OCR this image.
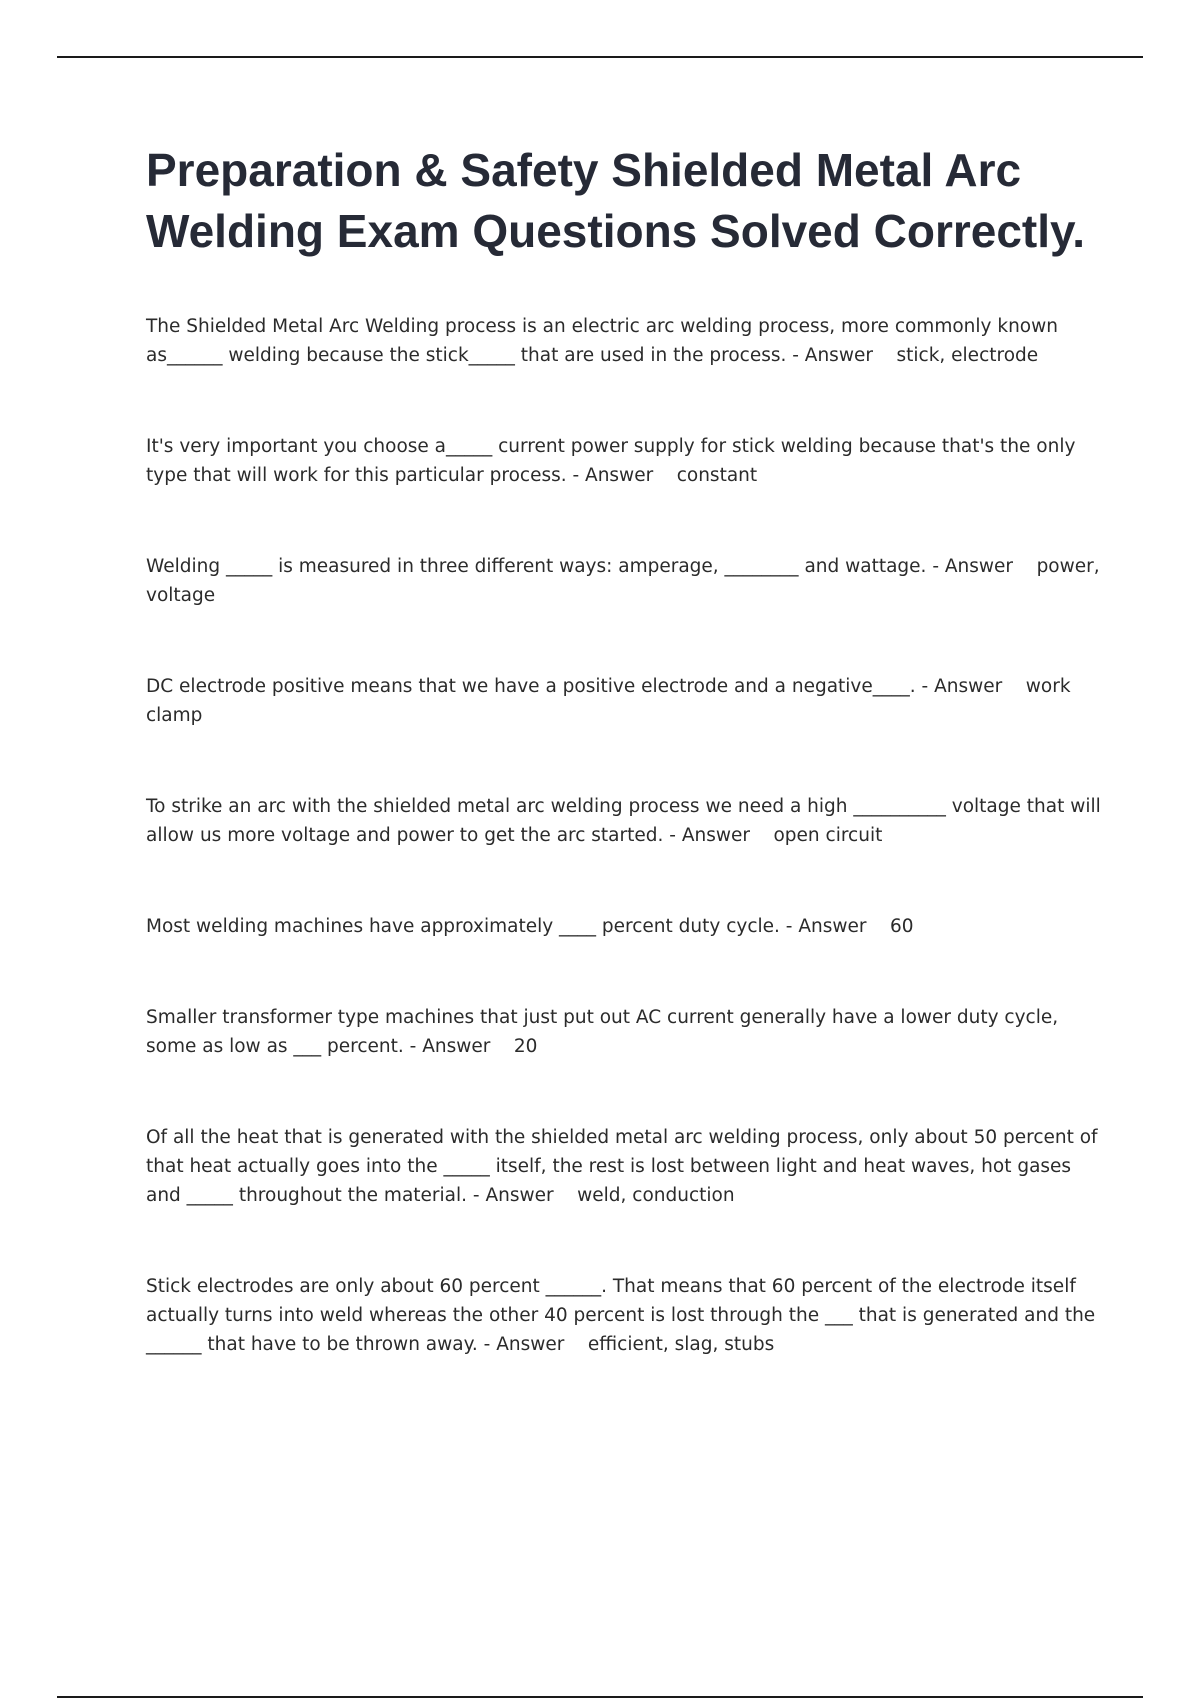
Preparation & Safety Shielded Metal Arc Welding Exam Questions Solved Correctly.

The Shielded Metal Arc Welding process is an electric arc welding process, more commonly known as______ welding because the stick_____ that are used in the process. - Answer stick, electrode

It's very important you choose a_____ current power supply for stick welding because that's the only type that will work for this particular process. - Answer constant

Welding _____ is measured in three different ways: amperage, ________ and wattage. - Answer power, voltage

DC electrode positive means that we have a positive electrode and a negative____. - Answer work clamp

To strike an arc with the shielded metal arc welding process we need a high __________ voltage that will allow us more voltage and power to get the arc started. - Answer open circuit

Most welding machines have approximately ____ percent duty cycle. - Answer 60

Smaller transformer type machines that just put out AC current generally have a lower duty cycle, some as low as ___ percent. - Answer 20

Of all the heat that is generated with the shielded metal arc welding process, only about 50 percent of that heat actually goes into the _____ itself, the rest is lost between light and heat waves, hot gases and _____ throughout the material. - Answer weld, conduction

Stick electrodes are only about 60 percent ______. That means that 60 percent of the electrode itself actually turns into weld whereas the other 40 percent is lost through the ___ that is generated and the ______ that have to be thrown away. - Answer efficient, slag, stubs
